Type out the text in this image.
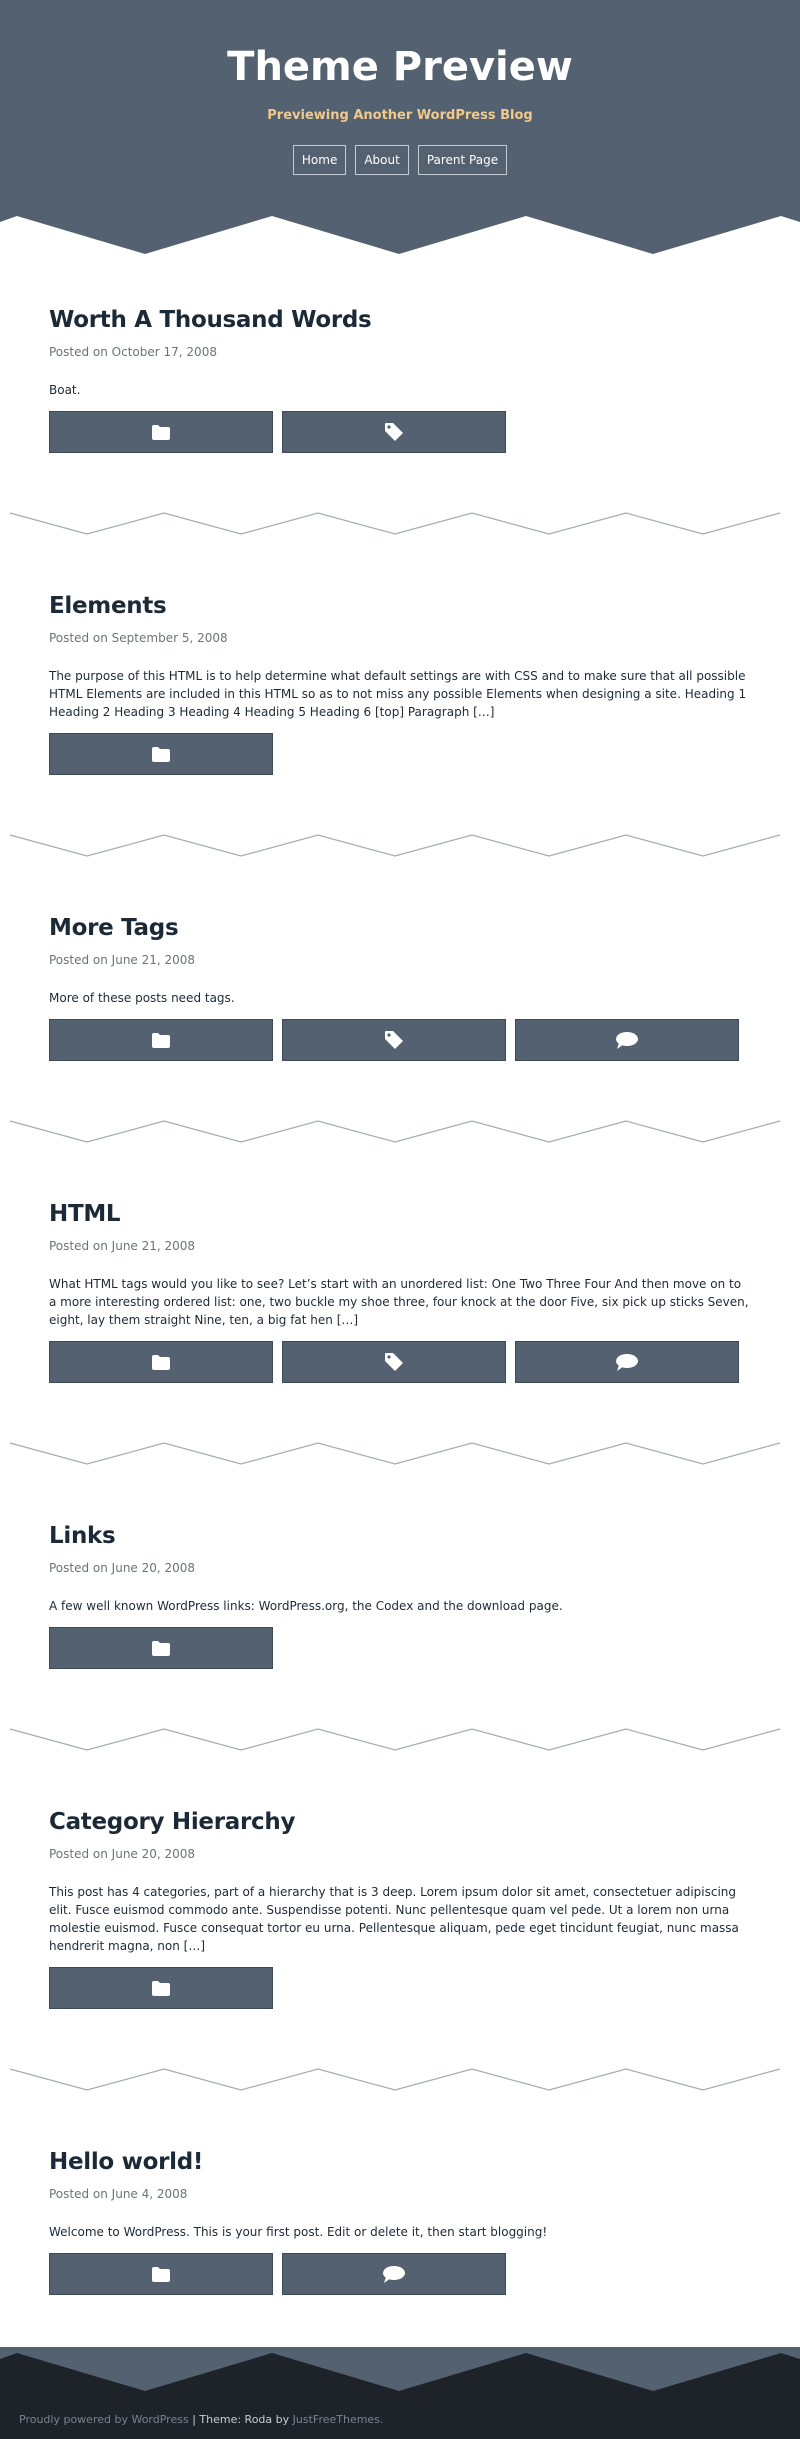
Theme Preview

Previewing Another WordPress Blog

Home	About	Parent Page
Worth A Thousand Words

Posted on October 17, 2008

Boat.

Elements

Posted on September 5, 2008

The purpose of this HTML is to help determine what default settings are with CSS and to make sure that all possible HTML Elements are included in this HTML so as to not miss any possible Elements when designing a site. Heading 1 Heading 2 Heading 3 Heading 4 Heading 5 Heading 6 [top] Paragraph […]

More Tags

Posted on June 21, 2008

More of these posts need tags.

HTML

Posted on June 21, 2008

What HTML tags would you like to see? Let’s start with an unordered list: One Two Three Four And then move on to a more interesting ordered list: one, two buckle my shoe three, four knock at the door Five, six pick up sticks Seven, eight, lay them straight Nine, ten, a big fat hen […]

Links

Posted on June 20, 2008

A few well known WordPress links: WordPress.org, the Codex and the download page.

Category Hierarchy

Posted on June 20, 2008

This post has 4 categories, part of a hierarchy that is 3 deep. Lorem ipsum dolor sit amet, consectetuer adipiscing elit. Fusce euismod commodo ante. Suspendisse potenti. Nunc pellentesque quam vel pede. Ut a lorem non urna molestie euismod. Fusce consequat tortor eu urna. Pellentesque aliquam, pede eget tincidunt feugiat, nunc massa hendrerit magna, non […]

Hello world!

Posted on June 4, 2008

Welcome to WordPress. This is your first post. Edit or delete it, then start blogging!

Proudly powered by WordPress | Theme: Roda by JustFreeThemes.
